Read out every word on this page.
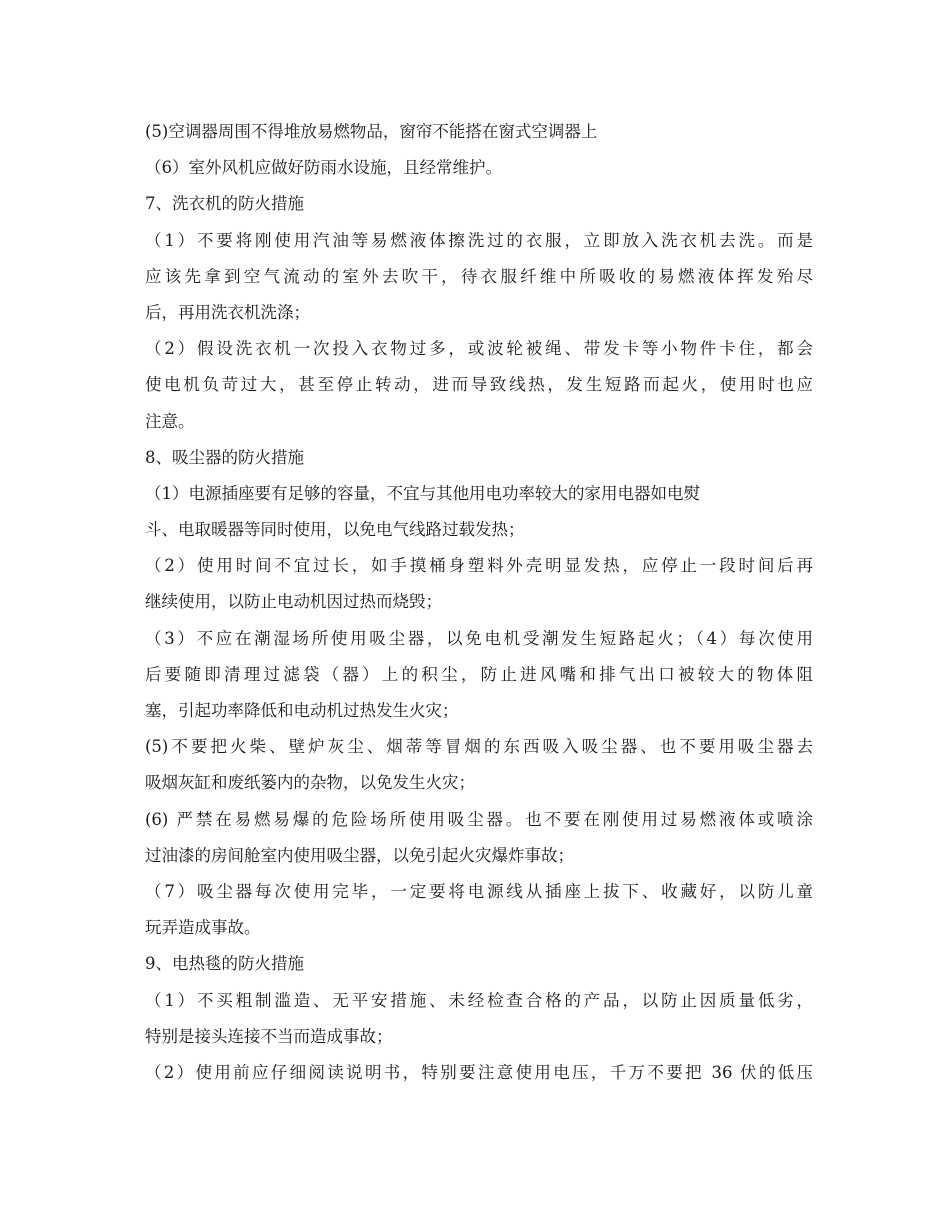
(5)空调器周围不得堆放易燃物品，窗帘不能搭在窗式空调器上
（6）室外风机应做好防雨水设施，且经常维护。
7、洗衣机的防火措施
（1）不要将刚使用汽油等易燃液体擦洗过的衣服，立即放入洗衣机去洗。而是
应该先拿到空气流动的室外去吹干，待衣服纤维中所吸收的易燃液体挥发殆尽
后，再用洗衣机洗涤；
（2）假设洗衣机一次投入衣物过多，或波轮被绳、带发卡等小物件卡住，都会
使电机负苛过大，甚至停止转动，进而导致线热，发生短路而起火，使用时也应
注意。
8、吸尘器的防火措施
（1）电源插座要有足够的容量，不宜与其他用电功率较大的家用电器如电熨
斗、电取暖器等同时使用，以免电气线路过载发热；
（2）使用时间不宜过长，如手摸桶身塑料外壳明显发热，应停止一段时间后再
继续使用，以防止电动机因过热而烧毁；
（3）不应在潮湿场所使用吸尘器，以免电机受潮发生短路起火；（4）每次使用
后要随即清理过滤袋（器）上的积尘，防止进风嘴和排气出口被较大的物体阻
塞，引起功率降低和电动机过热发生火灾；
(5)不要把火柴、壁炉灰尘、烟蒂等冒烟的东西吸入吸尘器、也不要用吸尘器去
吸烟灰缸和废纸篓内的杂物，以免发生火灾；
(6) 严禁在易燃易爆的危险场所使用吸尘器。也不要在刚使用过易燃液体或喷涂
过油漆的房间舱室内使用吸尘器，以免引起火灾爆炸事故；
（7）吸尘器每次使用完毕，一定要将电源线从插座上拔下、收藏好，以防儿童
玩弄造成事故。
9、电热毯的防火措施
（1）不买粗制滥造、无平安措施、未经检查合格的产品，以防止因质量低劣，
特别是接头连接不当而造成事故；
（2）使用前应仔细阅读说明书，特别要注意使用电压，千万不要把 36 伏的低压
